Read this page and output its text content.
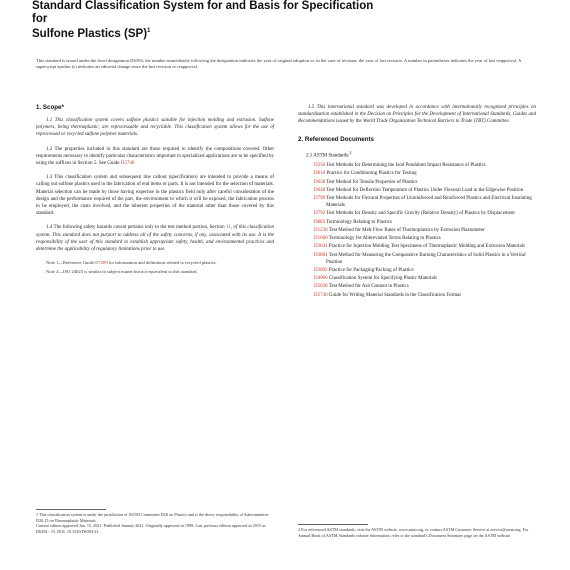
Standard Classification System for and Basis for Specification
for
Sulfone Plastics (SP)$^1$
This standard is issued under the fixed designation D6394; the number immediately following the designation indicates the year of original adoption or, in the case of revision, the year of last revision. A number in parentheses indicates the year of last reapproval. A superscript epsilon (ε) indicates an editorial change since the last revision or reapproval.
1. Scope*

1.1 This classification system covers sulfone plastics suitable for injection molding and extrusion. Sulfone polymers, being thermoplastic, are reprocessable and recyclable. This classification system allows for the use of reprocessed or recycled sulfone polymer materials.

1.2 The properties included in this standard are those required to identify the compositions covered. Other requirements necessary to identify particular characteristics important to specialized applications are to be specified by using the suffixes in Section 5. See Guide D5740

1.3 This classification system and subsequent line callout (specification) are intended to provide a means of calling out sulfone plastics used in the fabrication of end items or parts. It is not intended for the selection of materials. Material selection can be made by those having expertise in the plastics field only after careful consideration of the design and the performance required of the part, the environment to which it will be exposed, the fabrication process to be employed, the costs involved, and the inherent properties of the material other than those covered by this standard.

1.4 The following safety hazards caveat pertains only to the test method portion, Section 11, of this classification system. This standard does not purport to address all of the safety concerns, if any, associated with its use. It is the responsibility of the user of this standard to establish appropriate safety, health, and environmental practices and determine the applicability of regulatory limitations prior to use.

Note 1—Reference Guide D7209 for information and definitions related to recycled plastics.

Note 2—ISO 24025 is similar in subject matter but not equivalent to this standard.

1.5 This international standard was developed in accordance with internationally recognized principles on standardization established in the Decision on Principles for the Development of International Standards, Guides and Recommendations issued by the World Trade Organization Technical Barriers to Trade (TBT) Committee.

2. Referenced Documents
2.1 ASTM Standards:$^2$
D256 Test Methods for Determining the Izod Pendulum Impact Resistance of Plastics
D618 Practice for Conditioning Plastics for Testing
D638 Test Method for Tensile Properties of Plastics
D648 Test Method for Deflection Temperature of Plastics Under Flexural Load in the Edgewise Position
D790 Test Methods for Flexural Properties of Unreinforced and Reinforced Plastics and Electrical Insulating Materials
D792 Test Methods for Density and Specific Gravity (Relative Density) of Plastics by Displacement
D883 Terminology Relating to Plastics
D1238 Test Method for Melt Flow Rates of Thermoplastics by Extrusion Plastometer
D1600 Terminology for Abbreviated Terms Relating to Plastics
D3641 Practice for Injection Molding Test Specimens of Thermoplastic Molding and Extrusion Materials
D3801 Test Method for Measuring the Comparative Burning Characteristics of Solid Plastics in a Vertical Position
D3892 Practice for Packaging/Packing of Plastics
D4000 Classification System for Specifying Plastic Materials
D5630 Test Method for Ash Content in Plastics
D5740 Guide for Writing Material Standards in the Classification Format
1 This classification system is under the jurisdiction of ASTM Committee D20 on Plastics and is the direct responsibility of Subcommittee D20.15 on Thermoplastic Materials.
Current edition approved Jan. 15, 2021. Published January 2021. Originally approved in 1999. Last previous edition approved in 2015 as D6394 - 15. DOI: 10.1520/D6394-21.	2 For referenced ASTM standards, visit the ASTM website, www.astm.org, or contact ASTM Customer Service at service@astm.org. For Annual Book of ASTM Standards volume information, refer to the standard's Document Summary page on the ASTM website.
